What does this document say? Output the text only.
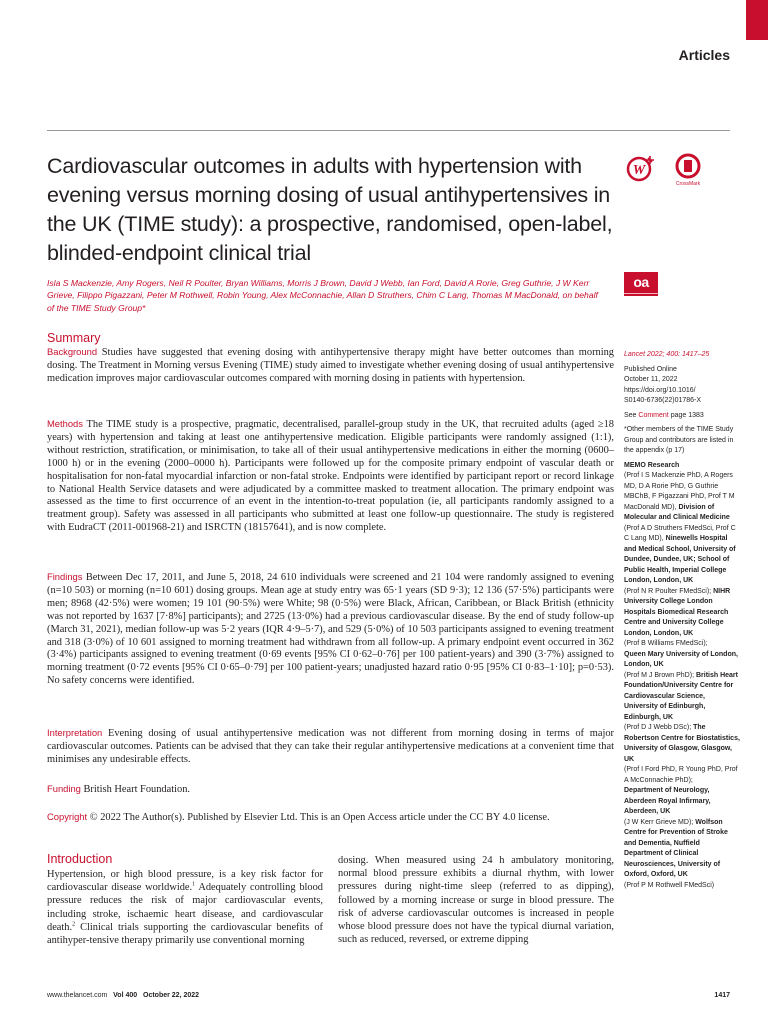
Articles
Cardiovascular outcomes in adults with hypertension with evening versus morning dosing of usual antihypertensives in the UK (TIME study): a prospective, randomised, open-label, blinded-endpoint clinical trial
W
CrossMark
oa
Isla S Mackenzie, Amy Rogers, Neil R Poulter, Bryan Williams, Morris J Brown, David J Webb, Ian Ford, David A Rorie, Greg Guthrie, J W Kerr Grieve, Filippo Pigazzani, Peter M Rothwell, Robin Young, Alex McConnachie, Allan D Struthers, Chim C Lang, Thomas M MacDonald, on behalf of the TIME Study Group*
Summary

Background Studies have suggested that evening dosing with antihypertensive therapy might have better outcomes than morning dosing. The Treatment in Morning versus Evening (TIME) study aimed to investigate whether evening dosing of usual antihypertensive medication improves major cardiovascular outcomes compared with morning dosing in patients with hypertension.

Methods The TIME study is a prospective, pragmatic, decentralised, parallel-group study in the UK, that recruited adults (aged ≥18 years) with hypertension and taking at least one antihypertensive medication. Eligible participants were randomly assigned (1:1), without restriction, stratification, or minimisation, to take all of their usual antihypertensive medications in either the morning (0600–1000 h) or in the evening (2000–0000 h). Participants were followed up for the composite primary endpoint of vascular death or hospitalisation for non-fatal myocardial infarction or non-fatal stroke. Endpoints were identified by participant report or record linkage to National Health Service datasets and were adjudicated by a committee masked to treatment allocation. The primary endpoint was assessed as the time to first occurrence of an event in the intention-to-treat population (ie, all participants randomly assigned to a treatment group). Safety was assessed in all participants who submitted at least one follow-up questionnaire. The study is registered with EudraCT (2011-001968-21) and ISRCTN (18157641), and is now complete.

Findings Between Dec 17, 2011, and June 5, 2018, 24 610 individuals were screened and 21 104 were randomly assigned to evening (n=10 503) or morning (n=10 601) dosing groups. Mean age at study entry was 65·1 years (SD 9·3); 12 136 (57·5%) participants were men; 8968 (42·5%) were women; 19 101 (90·5%) were White; 98 (0·5%) were Black, African, Caribbean, or Black British (ethnicity was not reported by 1637 [7·8%] participants); and 2725 (13·0%) had a previous cardiovascular disease. By the end of study follow-up (March 31, 2021), median follow-up was 5·2 years (IQR 4·9–5·7), and 529 (5·0%) of 10 503 participants assigned to evening treatment and 318 (3·0%) of 10 601 assigned to morning treatment had withdrawn from all follow-up. A primary endpoint event occurred in 362 (3·4%) participants assigned to evening treatment (0·69 events [95% CI 0·62–0·76] per 100 patient-years) and 390 (3·7%) assigned to morning treatment (0·72 events [95% CI 0·65–0·79] per 100 patient-years; unadjusted hazard ratio 0·95 [95% CI 0·83–1·10]; p=0·53). No safety concerns were identified.

Interpretation Evening dosing of usual antihypertensive medication was not different from morning dosing in terms of major cardiovascular outcomes. Patients can be advised that they can take their regular antihypertensive medications at a convenient time that minimises any undesirable effects.

Funding British Heart Foundation.

Copyright © 2022 The Author(s). Published by Elsevier Ltd. This is an Open Access article under the CC BY 4.0 license.

Lancet 2022; 400: 1417–25
Published Online
October 11, 2022
https://doi.org/10.1016/
S0140-6736(22)01786-X
See Comment page 1383
*Other members of the TIME Study Group and contributors are listed in the appendix (p 17)
MEMO Research
(Prof I S Mackenzie PhD, A Rogers MD, D A Rorie PhD, G Guthrie MBChB, F Pigazzani PhD, Prof T M MacDonald MD), Division of Molecular and Clinical Medicine
(Prof A D Struthers FMedSci, Prof C C Lang MD), Ninewells Hospital and Medical School, University of Dundee, Dundee, UK; School of Public Health, Imperial College London, London, UK
(Prof N R Poulter FMedSci); NIHR University College London Hospitals Biomedical Research Centre and University College London, London, UK
(Prof B Williams FMedSci);
Queen Mary University of London, London, UK
(Prof M J Brown PhD); British Heart Foundation/University Centre for Cardiovascular Science, University of Edinburgh, Edinburgh, UK
(Prof D J Webb DSc); The Robertson Centre for Biostatistics, University of Glasgow, Glasgow, UK
(Prof I Ford PhD, R Young PhD, Prof A McConnachie PhD);
Department of Neurology, Aberdeen Royal Infirmary, Aberdeen, UK
(J W Kerr Grieve MD); Wolfson Centre for Prevention of Stroke and Dementia, Nuffield Department of Clinical Neurosciences, University of Oxford, Oxford, UK
(Prof P M Rothwell FMedSci)
Introduction

Hypertension, or high blood pressure, is a key risk factor for cardiovascular disease worldwide.$^1$ Adequately controlling blood pressure reduces the risk of major cardiovascular events, including stroke, ischaemic heart disease, and cardiovascular death.$^2$ Clinical trials supporting the cardiovascular benefits of antihyper-tensive therapy primarily use conventional morning

dosing. When measured using 24 h ambulatory monitoring, normal blood pressure exhibits a diurnal rhythm, with lower pressures during night-time sleep (referred to as dipping), followed by a morning increase or surge in blood pressure. The risk of adverse cardiovascular outcomes is increased in people whose blood pressure does not have the typical diurnal variation, such as reduced, reversed, or extreme dipping

www.thelancet.com Vol 400 October 22, 2022	1417
